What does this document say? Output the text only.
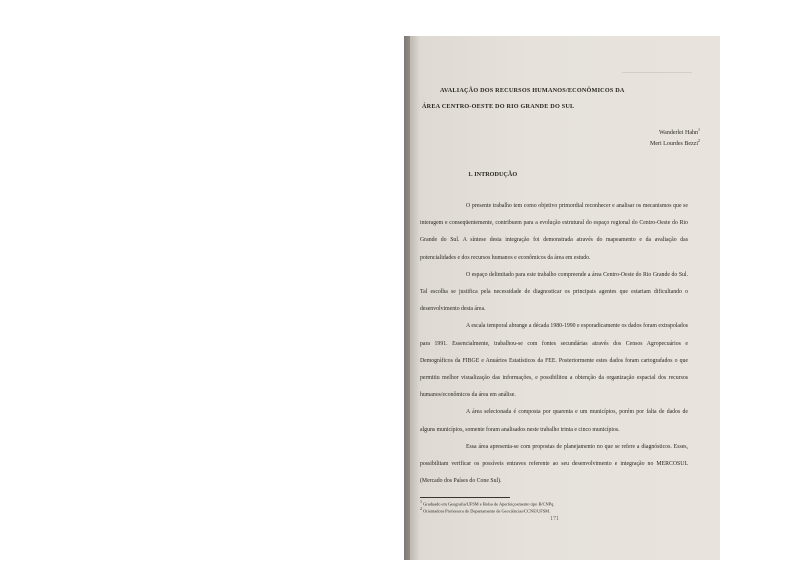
AVALIAÇÃO DOS RECURSOS HUMANOS/ECONÔMICOS DA
ÁREA CENTRO-OESTE DO RIO GRANDE DO SUL
Wanderlei Hahn$^1$
Meri Lourdes Bezzi$^2$
1. INTRODUÇÃO

O presente trabalho tem como objetivo primordial reconhecer e analisar os mecanismos que se interagem e conseqüentemente, contribuem para a evolução estrutural do espaço regional do Centro-Oeste do Rio Grande do Sul. A síntese desta integração foi demonstrada através do mapeamento e da avaliação das potencialidades e dos recursos humanos e econômicos da área em estudo.

O espaço delimitado para este trabalho compreende a área Centro-Oeste do Rio Grande do Sul. Tal escolha se justifica pela necessidade de diagnosticar os principais agentes que estariam dificultando o desenvolvimento desta área.

A escala temporal abrange a década 1980-1990 e esporadicamente os dados foram extrapolados para 1991. Essencialmente, trabalhou-se com fontes secundárias através dos Censos Agropecuários e Demográficos da FIBGE e Anuários Estatísticos da FEE. Posteriormente estes dados foram cartografados o que permitiu melhor visualização das informações, e possibilitou a obtenção da organização espacial dos recursos humanos/econômicos da área em análise.

A área selecionada é composta por quarenta e um municípios, porém por falta de dados de alguns municípios, somente foram analisados neste trabalho trinta e cinco municípios.

Essa área apresenta-se com propostas de planejamento no que se refere a diagnósticos. Esses, possibilitam verificar os possíveis entraves referente ao seu desenvolvimento e integração no MERCOSUL (Mercado dos Países do Cone Sul).

$^1$ Graduado em Geografia/UFSM e Bolsa de Aperfeiçoamento tipo B/CNPq.
$^2$ Orientadora Professora do Departamento de Geociências/CCNE/UFSM.
171
